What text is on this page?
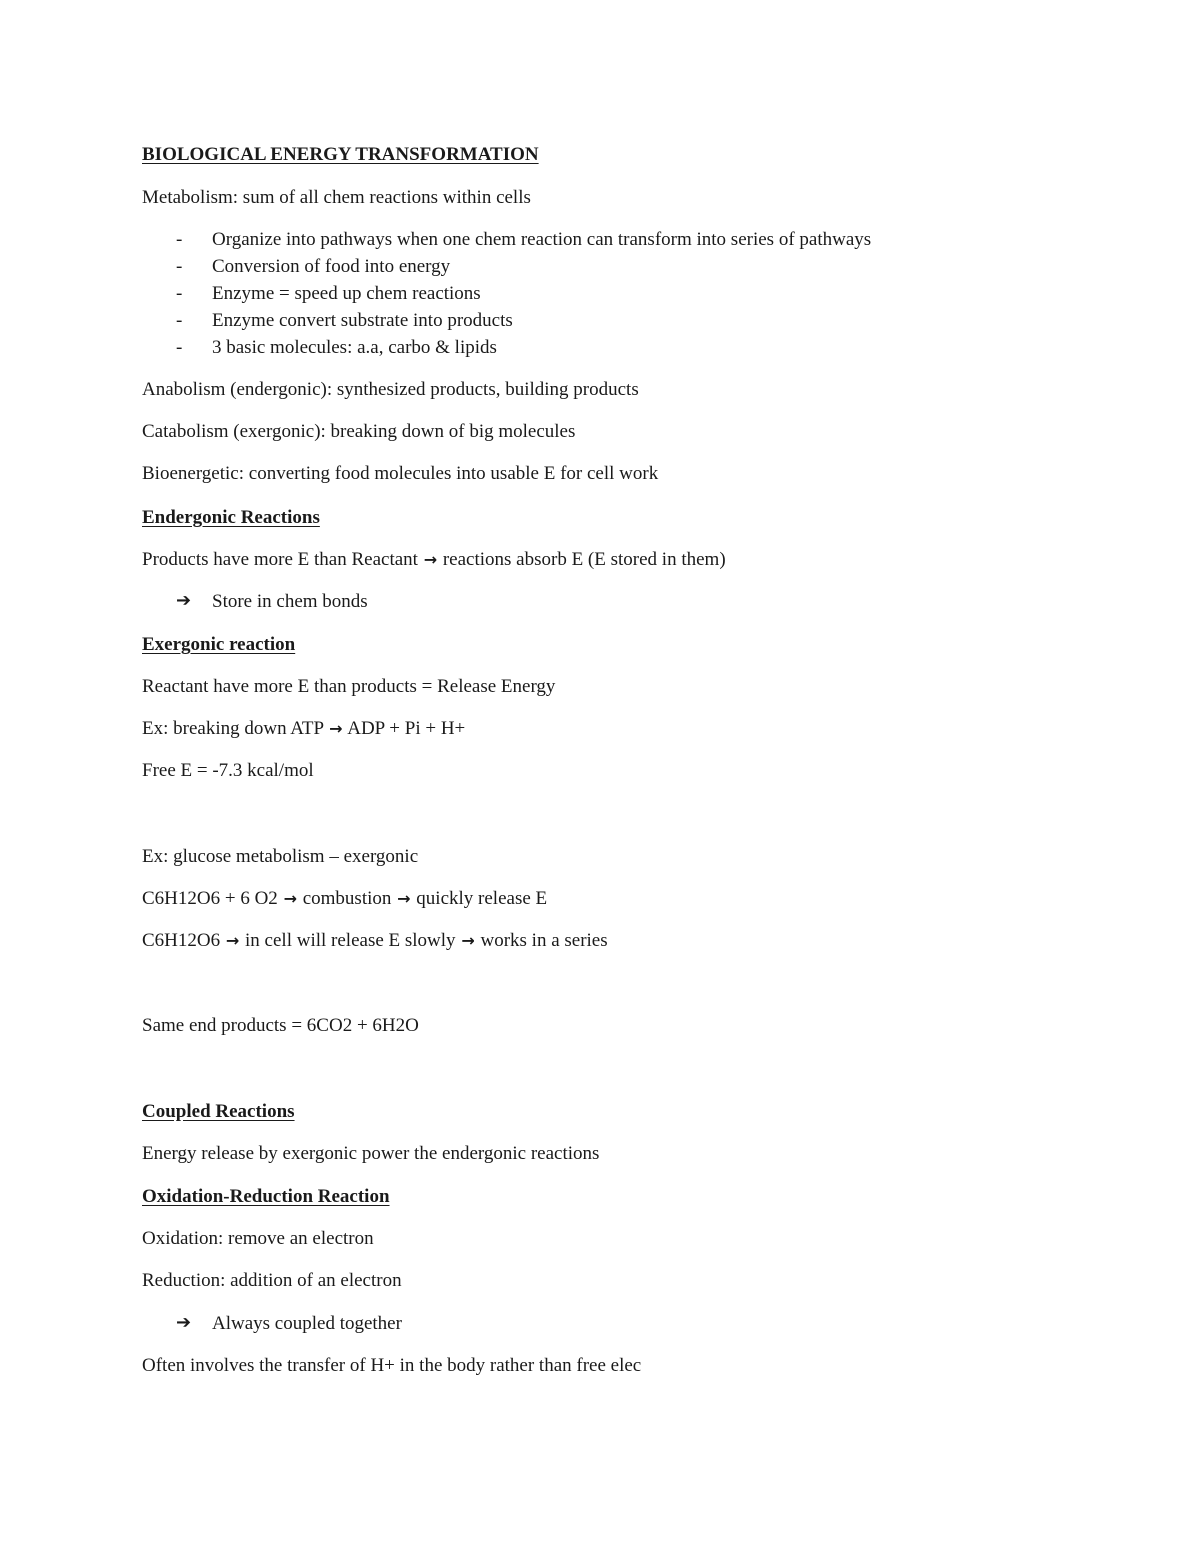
BIOLOGICAL ENERGY TRANSFORMATION
Metabolism: sum of all chem reactions within cells
- Organize into pathways when one chem reaction can transform into series of pathways
- Conversion of food into energy
- Enzyme = speed up chem reactions
- Enzyme convert substrate into products
- 3 basic molecules: a.a, carbo & lipids
Anabolism (endergonic): synthesized products, building products
Catabolism (exergonic): breaking down of big molecules
Bioenergetic: converting food molecules into usable E for cell work
Endergonic Reactions
Products have more E than Reactant → reactions absorb E (E stored in them)
➔ Store in chem bonds
Exergonic reaction
Reactant have more E than products = Release Energy
Ex: breaking down ATP → ADP + Pi + H+
Free E = -7.3 kcal/mol
Ex: glucose metabolism – exergonic
C6H12O6 + 6 O2 → combustion → quickly release E
C6H12O6 → in cell will release E slowly → works in a series
Same end products = 6CO2 + 6H2O
Coupled Reactions
Energy release by exergonic power the endergonic reactions
Oxidation-Reduction Reaction
Oxidation: remove an electron
Reduction: addition of an electron
➔ Always coupled together
Often involves the transfer of H+ in the body rather than free elec
